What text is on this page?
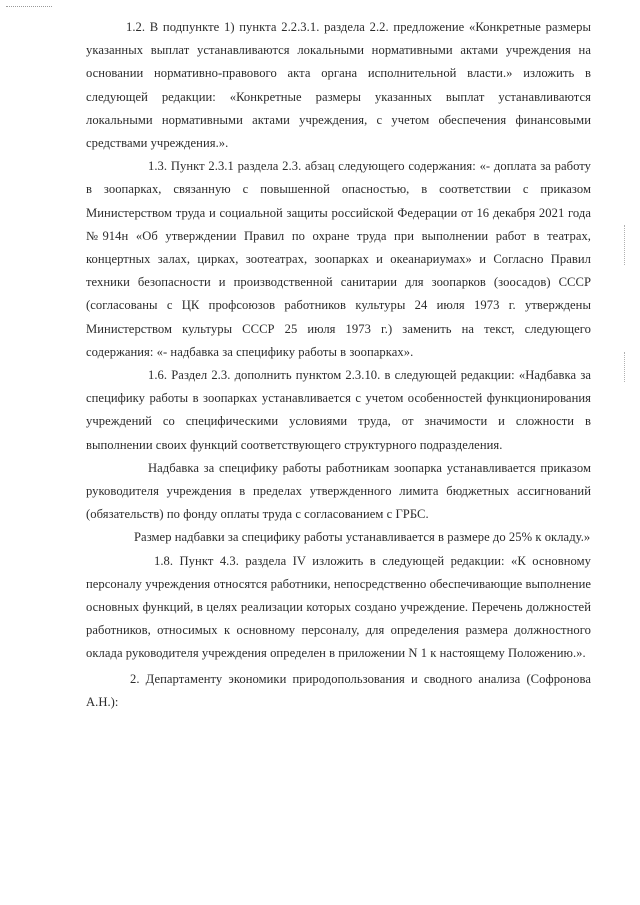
1.2. В подпункте 1) пункта 2.2.3.1. раздела 2.2. предложение «Конкретные размеры указанных выплат устанавливаются локальными нормативными актами учреждения на основании нормативно-правового акта органа исполнительной власти.» изложить в следующей редакции: «Конкретные размеры указанных выплат устанавливаются локальными нормативными актами учреждения, с учетом обеспечения финансовыми средствами учреждения.».

1.3. Пункт 2.3.1 раздела 2.3. абзац следующего содержания: «- доплата за работу в зоопарках, связанную с повышенной опасностью, в соответствии с приказом Министерством труда и социальной защиты российской Федерации от 16 декабря 2021 года №914н «Об утверждении Правил по охране труда при выполнении работ в театрах, концертных залах, цирках, зоотеатрах, зоопарках и океанариумах» и Согласно Правил техники безопасности и производственной санитарии для зоопарков (зоосадов) СССР (согласованы с ЦК профсоюзов работников культуры 24 июля 1973 г. утверждены Министерством культуры СССР 25 июля 1973 г.) заменить на текст, следующего содержания: «- надбавка за специфику работы в зоопарках».

1.6. Раздел 2.3. дополнить пунктом 2.3.10. в следующей редакции: «Надбавка за специфику работы в зоопарках устанавливается с учетом особенностей функционирования учреждений со специфическими условиями труда, от значимости и сложности в выполнении своих функций соответствующего структурного подразделения.

Надбавка за специфику работы работникам зоопарка устанавливается приказом руководителя учреждения в пределах утвержденного лимита бюджетных ассигнований (обязательств) по фонду оплаты труда с согласованием с ГРБС.

Размер надбавки за специфику работы устанавливается в размере до 25% к окладу.»

1.8. Пункт 4.3. раздела IV изложить в следующей редакции: «К основному персоналу учреждения относятся работники, непосредственно обеспечивающие выполнение основных функций, в целях реализации которых создано учреждение. Перечень должностей работников, относимых к основному персоналу, для определения размера должностного оклада руководителя учреждения определен в приложении N 1 к настоящему Положению.».

2. Департаменту экономики природопользования и сводного анализа (Софронова А.Н.):
